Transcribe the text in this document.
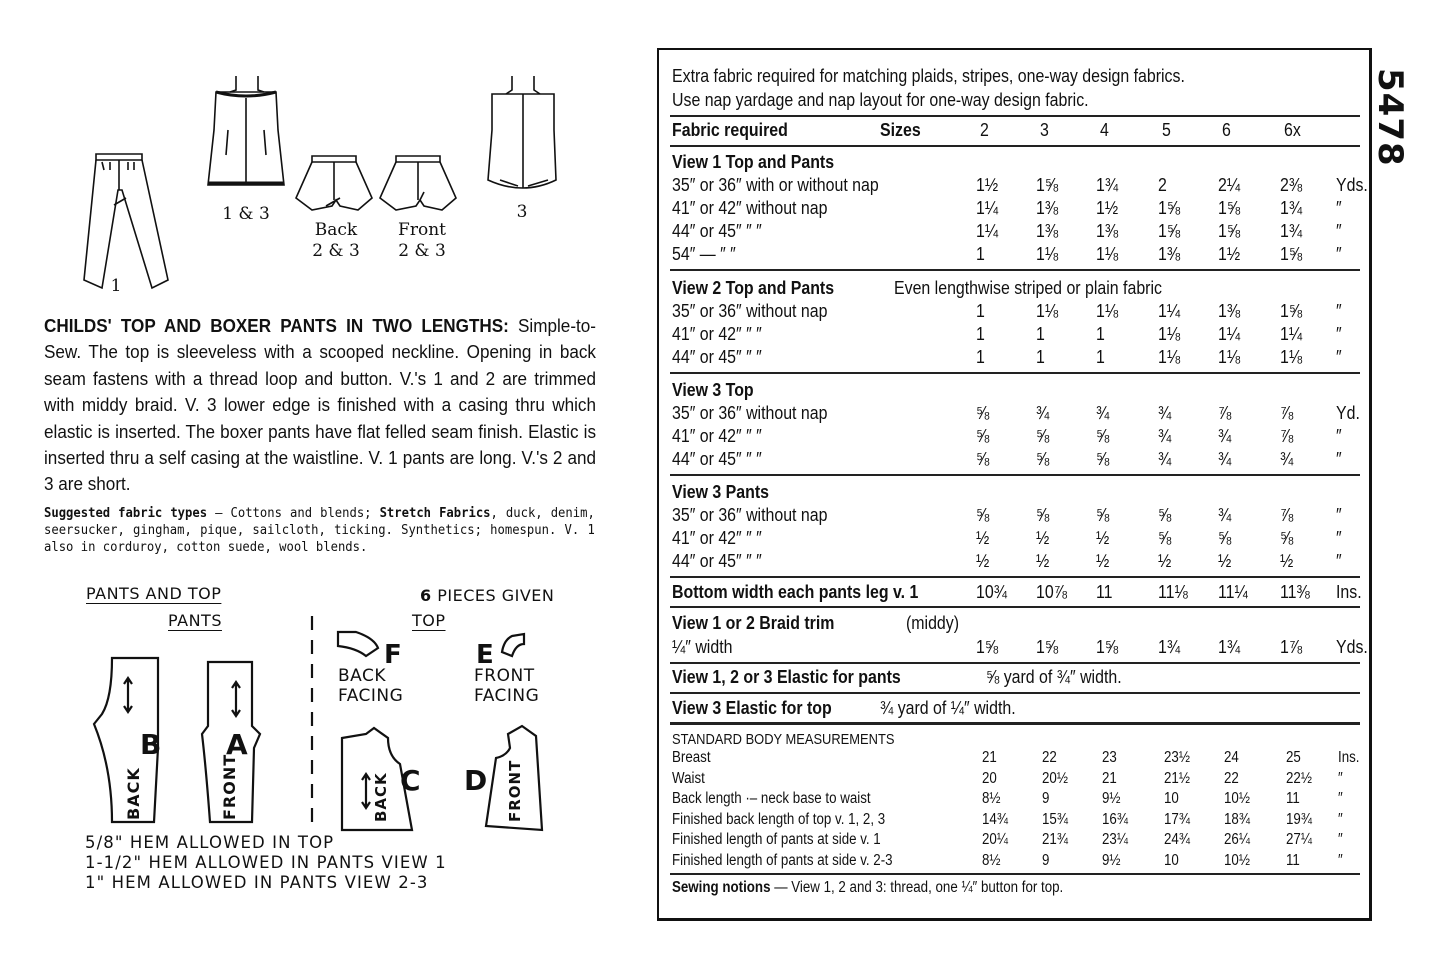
1
1 & 3
Back
2 & 3
Front
2 & 3
3
CHILDS' TOP AND BOXER PANTS IN TWO LENGTHS: Simple-to-Sew. The top is sleeveless with a scooped neckline. Opening in back seam fastens with a thread loop and button. V.'s 1 and 2 are trimmed with middy braid. V. 3 lower edge is finished with a casing thru which elastic is inserted. The boxer pants have flat felled seam finish. Elastic is inserted thru a self casing at the waistline. V. 1 pants are long. V.'s 2 and 3 are short.
Suggested fabric types — Cottons and blends; Stretch Fabrics, duck, denim, seersucker, gingham, pique, sailcloth, ticking. Synthetics; homespun. V. 1 also in corduroy, cotton suede, wool blends.
PANTS AND TOP	6 PIECES GIVEN
PANTS	TOP
B
BACK
A
FRONT
F
BACK
FACING
E
FRONT
FACING
C
BACK	D FRONT
5/8" HEM ALLOWED IN TOP
1-1/2" HEM ALLOWED IN PANTS VIEW 1
1" HEM ALLOWED IN PANTS VIEW 2-3
5478
Extra fabric required for matching plaids, stripes, one-way design fabrics.
Use nap yardage and nap layout for one-way design fabric.
Fabric required	Sizes	2	3	4	5	6	6x
View 1 Top and Pants
35″ or 36″ with or without nap	1½ 1⅝ 1¾ 2	2¼ 2⅜ Yds.
41″ or 42″ without nap	1¼ 1⅜ 1½ 1⅝ 1⅝ 1¾ ″
44″ or 45″ ″ ″	1¼ 1⅜ 1⅜ 1⅝ 1⅝ 1¾ ″
54″ — ″ ″	1	1⅛ 1⅛ 1⅜ 1½ 1⅝ ″
View 2 Top and Pants	Even lengthwise striped or plain fabric
35″ or 36″ without nap	1	1⅛ 1⅛ 1¼ 1⅜ 1⅝ ″
41″ or 42″ ″ ″	1	1	1	1⅛ 1¼ 1¼ ″
44″ or 45″ ″ ″	1	1	1	1⅛ 1⅛ 1⅛ ″
View 3 Top
35″ or 36″ without nap	⅝	¾	¾	¾	⅞	⅞ Yd.
41″ or 42″ ″ ″	⅝	⅝	⅝	¾	¾	⅞ ″
44″ or 45″ ″ ″	⅝	⅝	⅝	¾	¾	¾ ″
View 3 Pants
35″ or 36″ without nap	⅝	⅝	⅝	⅝	¾	⅞ ″
41″ or 42″ ″ ″	½	½	½	⅝	⅝	⅝ ″
44″ or 45″ ″ ″	½	½	½	½	½	½ ″
Bottom width each pants leg v. 1	10¾ 10⅞ 11 11⅛ 11¼ 11⅜ Ins.
View 1 or 2 Braid trim	(middy)
¼″ width	1⅝ 1⅝ 1⅝ 1¾ 1¾ 1⅞ Yds.
View 1, 2 or 3 Elastic for pants	⅝ yard of ¾″ width.
View 3 Elastic for top	¾ yard of ¼″ width.
STANDARD BODY MEASUREMENTS
Breast	21	22	23	23½ 24	25 Ins.
Waist	20	20½ 21	21½ 22	22½ ″
Back length ·– neck base to waist	8½	9	9½	10	10½ 11 ″
Finished back length of top v. 1, 2, 3	14¾ 15¾ 16¾ 17¾ 18¾ 19¾ ″
Finished length of pants at side v. 1	20¼ 21¾ 23¼ 24¾ 26¼ 27¼ ″
Finished length of pants at side v. 2-3	8½	9	9½	10	10½ 11 ″
Sewing notions — View 1, 2 and 3: thread, one ¼″ button for top.
